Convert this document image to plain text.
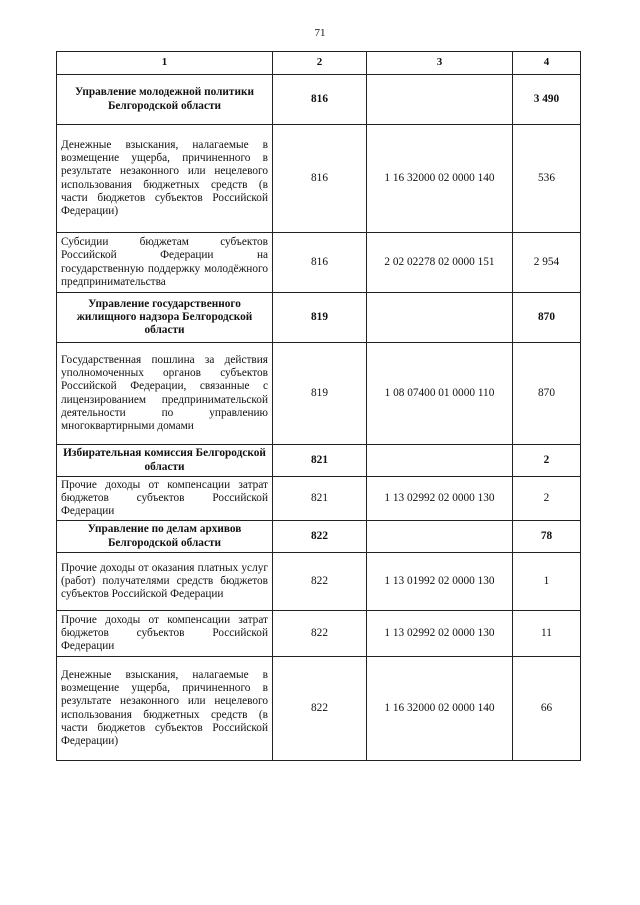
71
1	2	3	4
Управление молодежной политики Белгородской области	816		3 490
Денежные взыскания, налагаемые в возмещение ущерба, причиненного в результате незаконного или нецелевого использования бюджетных средств (в части бюджетов субъектов Российской Федерации)	816	1 16 32000 02 0000 140	536
Субсидии бюджетам субъектов Российской Федерации на государственную поддержку молодёжного предпринимательства	816	2 02 02278 02 0000 151	2 954
Управление государственного жилищного надзора Белгородской области	819		870
Государственная пошлина за действия уполномоченных органов субъектов Российской Федерации, связанные с лицензированием предпринимательской деятельности по управлению многоквартирными домами	819	1 08 07400 01 0000 110	870
Избирательная комиссия Белгородской области	821		2
Прочие доходы от компенсации затрат бюджетов субъектов Российской Федерации	821	1 13 02992 02 0000 130	2
Управление по делам архивов Белгородской области	822		78
Прочие доходы от оказания платных услуг (работ) получателями средств бюджетов субъектов Российской Федерации	822	1 13 01992 02 0000 130	1
Прочие доходы от компенсации затрат бюджетов субъектов Российской Федерации	822	1 13 02992 02 0000 130	11
Денежные взыскания, налагаемые в возмещение ущерба, причиненного в результате незаконного или нецелевого использования бюджетных средств (в части бюджетов субъектов Российской Федерации)	822	1 16 32000 02 0000 140	66
